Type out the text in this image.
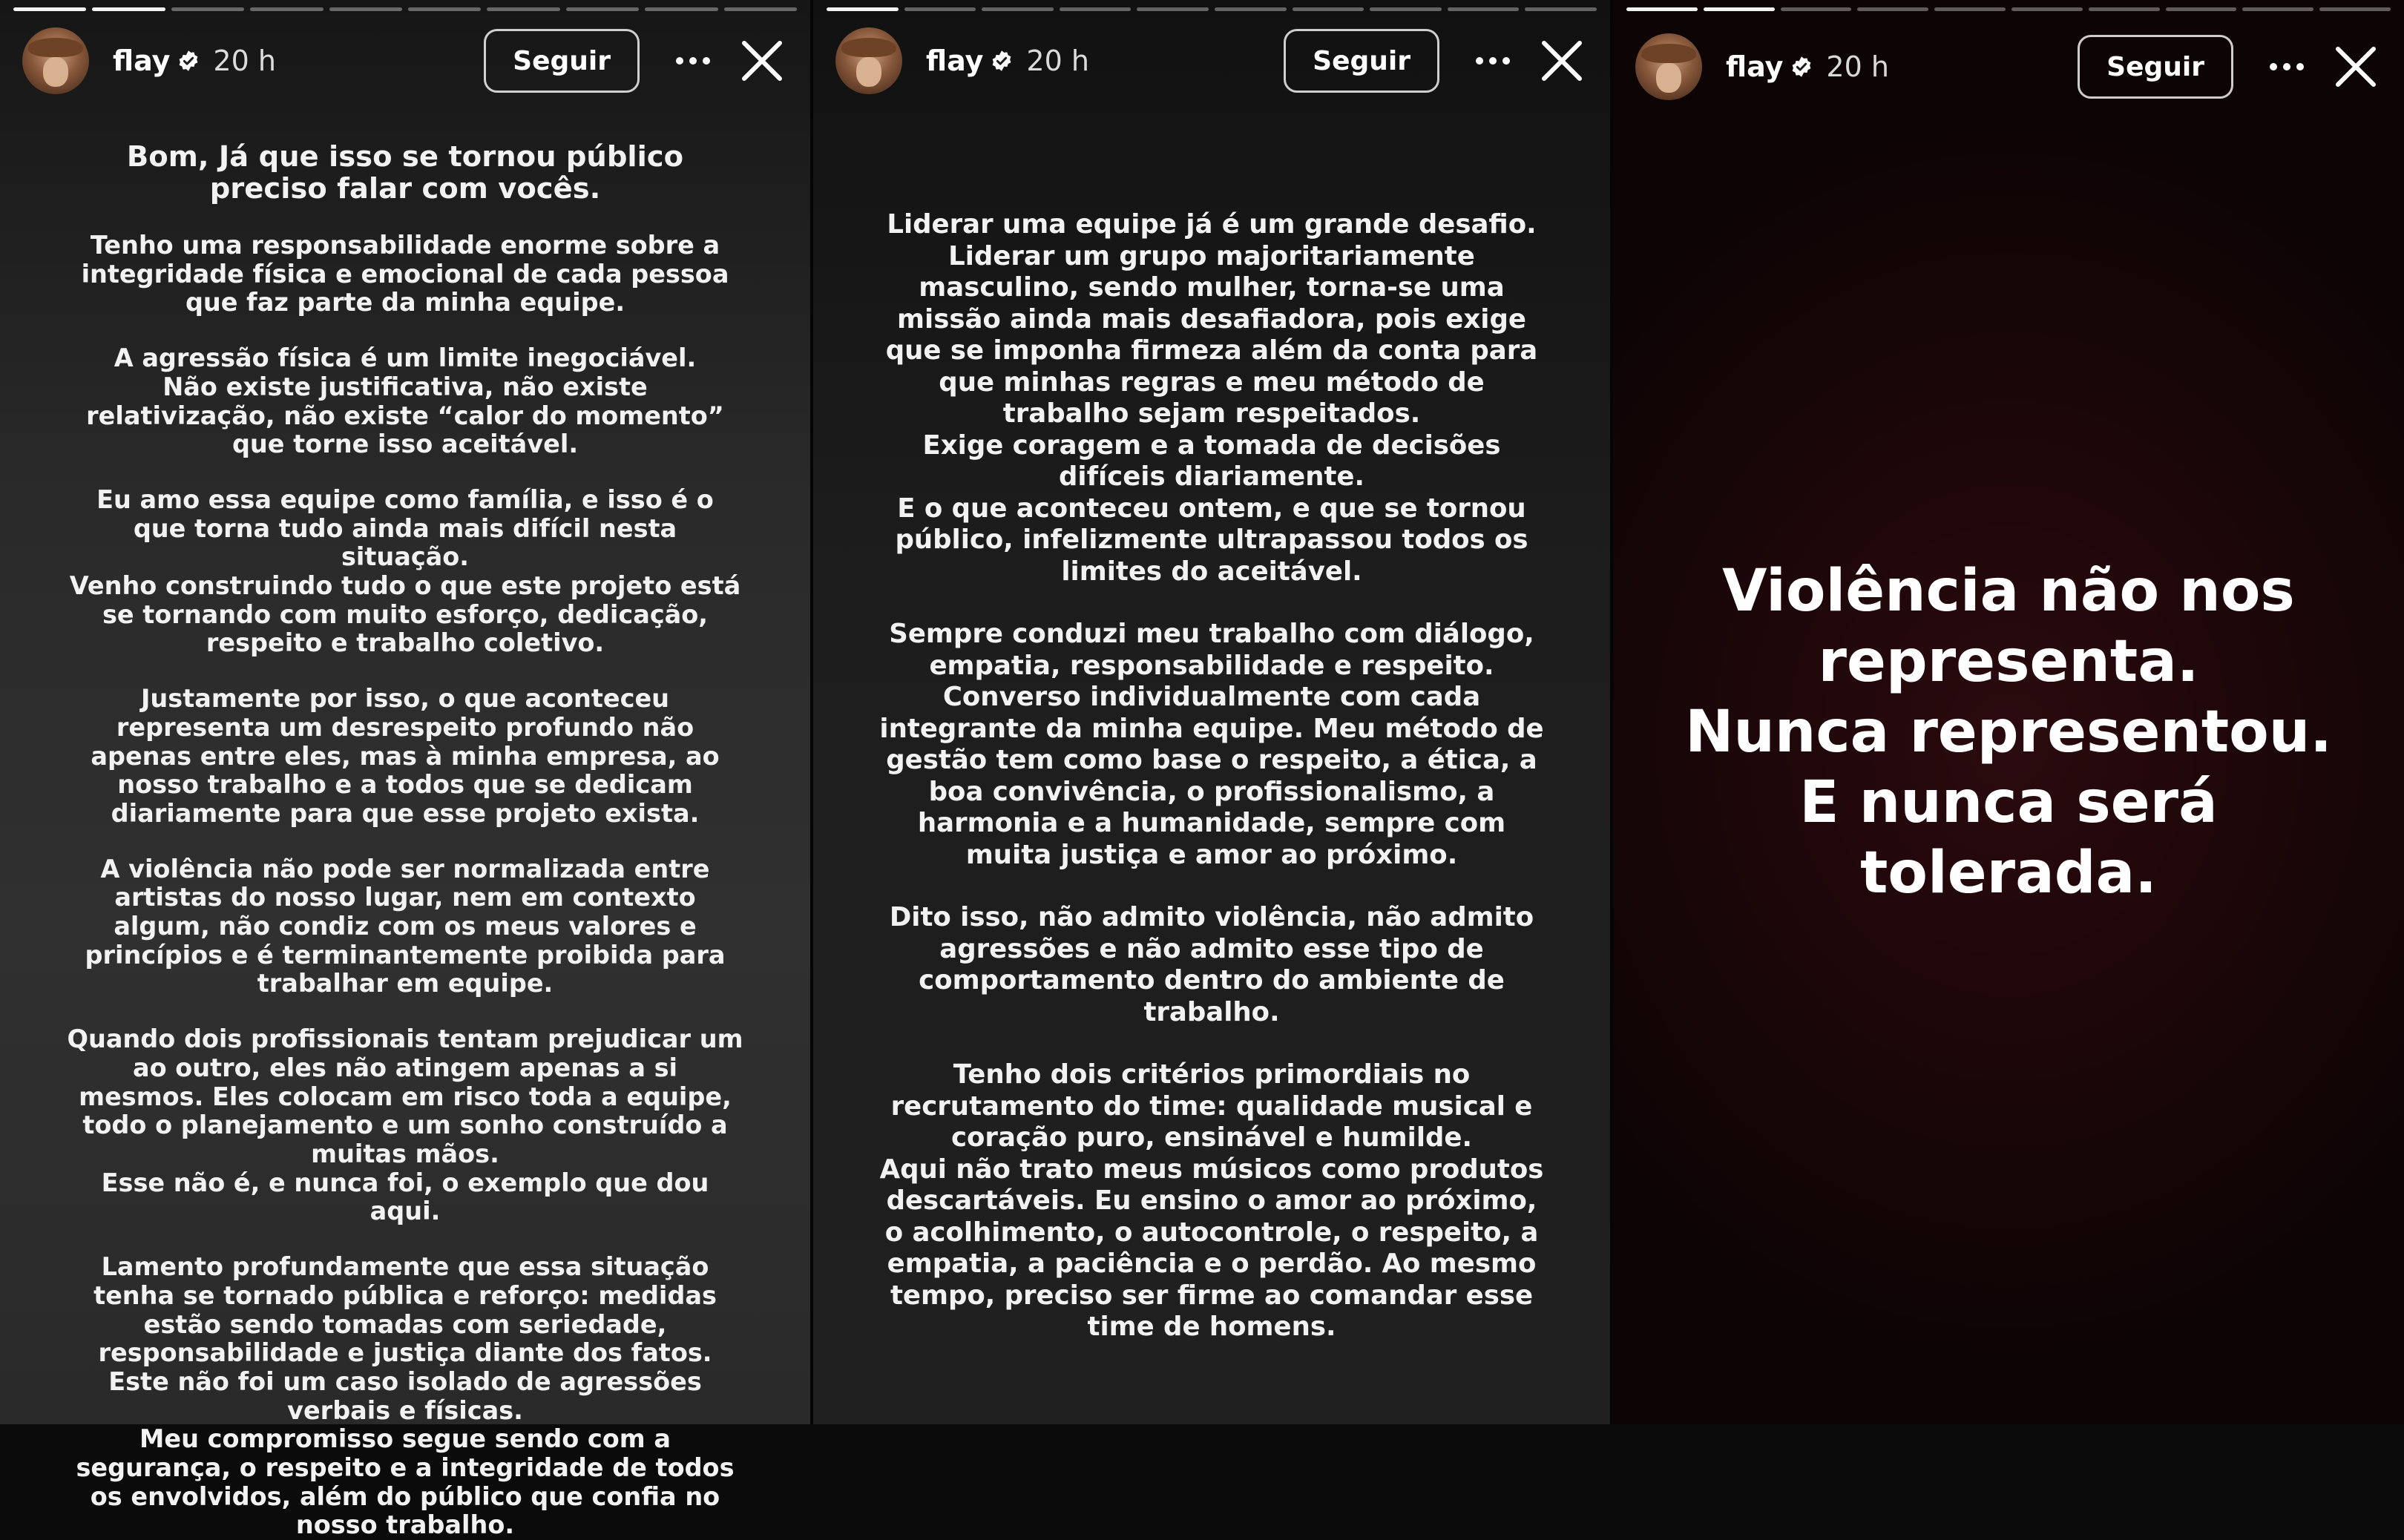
flay 20 h	Seguir

Bom, Já que isso se tornou público preciso falar com vocês.

Tenho uma responsabilidade enorme sobre a integridade física e emocional de cada pessoa que faz parte da minha equipe.

A agressão física é um limite inegociável.
Não existe justificativa, não existe relativização, não existe “calor do momento” que torne isso aceitável.

Eu amo essa equipe como família, e isso é o que torna tudo ainda mais difícil nesta situação.
Venho construindo tudo o que este projeto está se tornando com muito esforço, dedicação, respeito e trabalho coletivo.

Justamente por isso, o que aconteceu representa um desrespeito profundo não apenas entre eles, mas à minha empresa, ao nosso trabalho e a todos que se dedicam diariamente para que esse projeto exista.

A violência não pode ser normalizada entre artistas do nosso lugar, nem em contexto algum, não condiz com os meus valores e princípios e é terminantemente proibida para trabalhar em equipe.

Quando dois profissionais tentam prejudicar um ao outro, eles não atingem apenas a si mesmos. Eles colocam em risco toda a equipe, todo o planejamento e um sonho construído a muitas mãos.
Esse não é, e nunca foi, o exemplo que dou aqui.

Lamento profundamente que essa situação tenha se tornado pública e reforço: medidas estão sendo tomadas com seriedade, responsabilidade e justiça diante dos fatos. Este não foi um caso isolado de agressões verbais e físicas.
Meu compromisso segue sendo com a segurança, o respeito e a integridade de todos os envolvidos, além do público que confia no nosso trabalho.

flay 20 h	Seguir

Liderar uma equipe já é um grande desafio.
Liderar um grupo majoritariamente masculino, sendo mulher, torna-se uma missão ainda mais desafiadora, pois exige que se imponha firmeza além da conta para que minhas regras e meu método de trabalho sejam respeitados.
Exige coragem e a tomada de decisões difíceis diariamente.
E o que aconteceu ontem, e que se tornou público, infelizmente ultrapassou todos os limites do aceitável.

Sempre conduzi meu trabalho com diálogo, empatia, responsabilidade e respeito.
Converso individualmente com cada integrante da minha equipe. Meu método de gestão tem como base o respeito, a ética, a boa convivência, o profissionalismo, a harmonia e a humanidade, sempre com muita justiça e amor ao próximo.

Dito isso, não admito violência, não admito agressões e não admito esse tipo de comportamento dentro do ambiente de trabalho.

Tenho dois critérios primordiais no recrutamento do time: qualidade musical e coração puro, ensinável e humilde.
Aqui não trato meus músicos como produtos descartáveis. Eu ensino o amor ao próximo, o acolhimento, o autocontrole, o respeito, a empatia, a paciência e o perdão. Ao mesmo tempo, preciso ser firme ao comandar esse time de homens.

flay 20 h	Seguir

Violência não nos representa.
Nunca representou.
E nunca será tolerada.
